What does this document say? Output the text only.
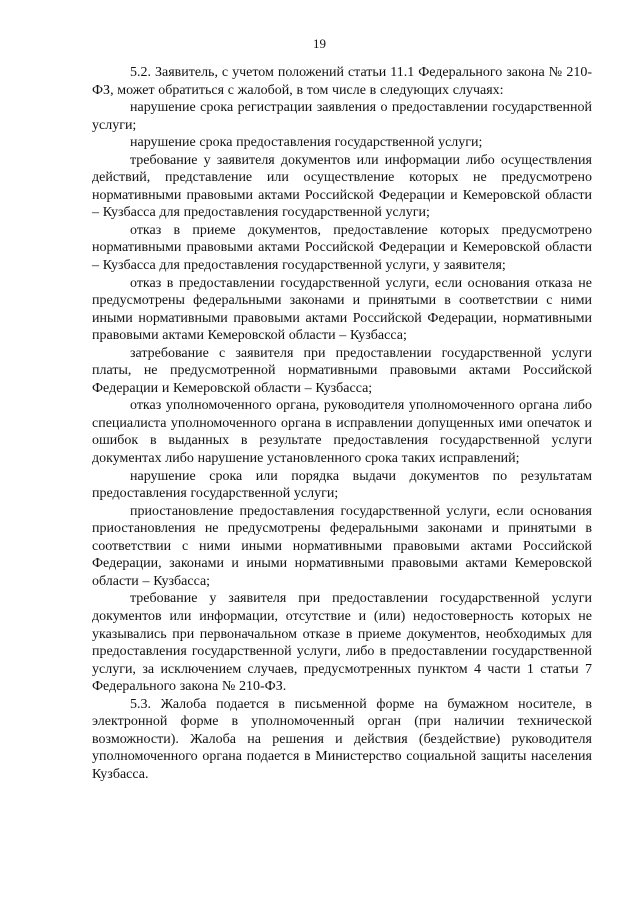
19

5.2. Заявитель, с учетом положений статьи 11.1 Федерального закона № 210-ФЗ, может обратиться с жалобой, в том числе в следующих случаях:

нарушение срока регистрации заявления о предоставлении государственной услуги;

нарушение срока предоставления государственной услуги;

требование у заявителя документов или информации либо осуществления действий, представление или осуществление которых не предусмотрено нормативными правовыми актами Российской Федерации и Кемеровской области – Кузбасса для предоставления государственной услуги;

отказ в приеме документов, предоставление которых предусмотрено нормативными правовыми актами Российской Федерации и Кемеровской области – Кузбасса для предоставления государственной услуги, у заявителя;

отказ в предоставлении государственной услуги, если основания отказа не предусмотрены федеральными законами и принятыми в соответствии с ними иными нормативными правовыми актами Российской Федерации, нормативными правовыми актами Кемеровской области – Кузбасса;

затребование с заявителя при предоставлении государственной услуги платы, не предусмотренной нормативными правовыми актами Российской Федерации и Кемеровской области – Кузбасса;

отказ уполномоченного органа, руководителя уполномоченного органа либо специалиста уполномоченного органа в исправлении допущенных ими опечаток и ошибок в выданных в результате предоставления государственной услуги документах либо нарушение установленного срока таких исправлений;

нарушение срока или порядка выдачи документов по результатам предоставления государственной услуги;

приостановление предоставления государственной услуги, если основания приостановления не предусмотрены федеральными законами и принятыми в соответствии с ними иными нормативными правовыми актами Российской Федерации, законами и иными нормативными правовыми актами Кемеровской области – Кузбасса;

требование у заявителя при предоставлении государственной услуги документов или информации, отсутствие и (или) недостоверность которых не указывались при первоначальном отказе в приеме документов, необходимых для предоставления государственной услуги, либо в предоставлении государственной услуги, за исключением случаев, предусмотренных пунктом 4 части 1 статьи 7 Федерального закона № 210-ФЗ.

5.3. Жалоба подается в письменной форме на бумажном носителе, в электронной форме в уполномоченный орган (при наличии технической возможности). Жалоба на решения и действия (бездействие) руководителя уполномоченного органа подается в Министерство социальной защиты населения Кузбасса.
